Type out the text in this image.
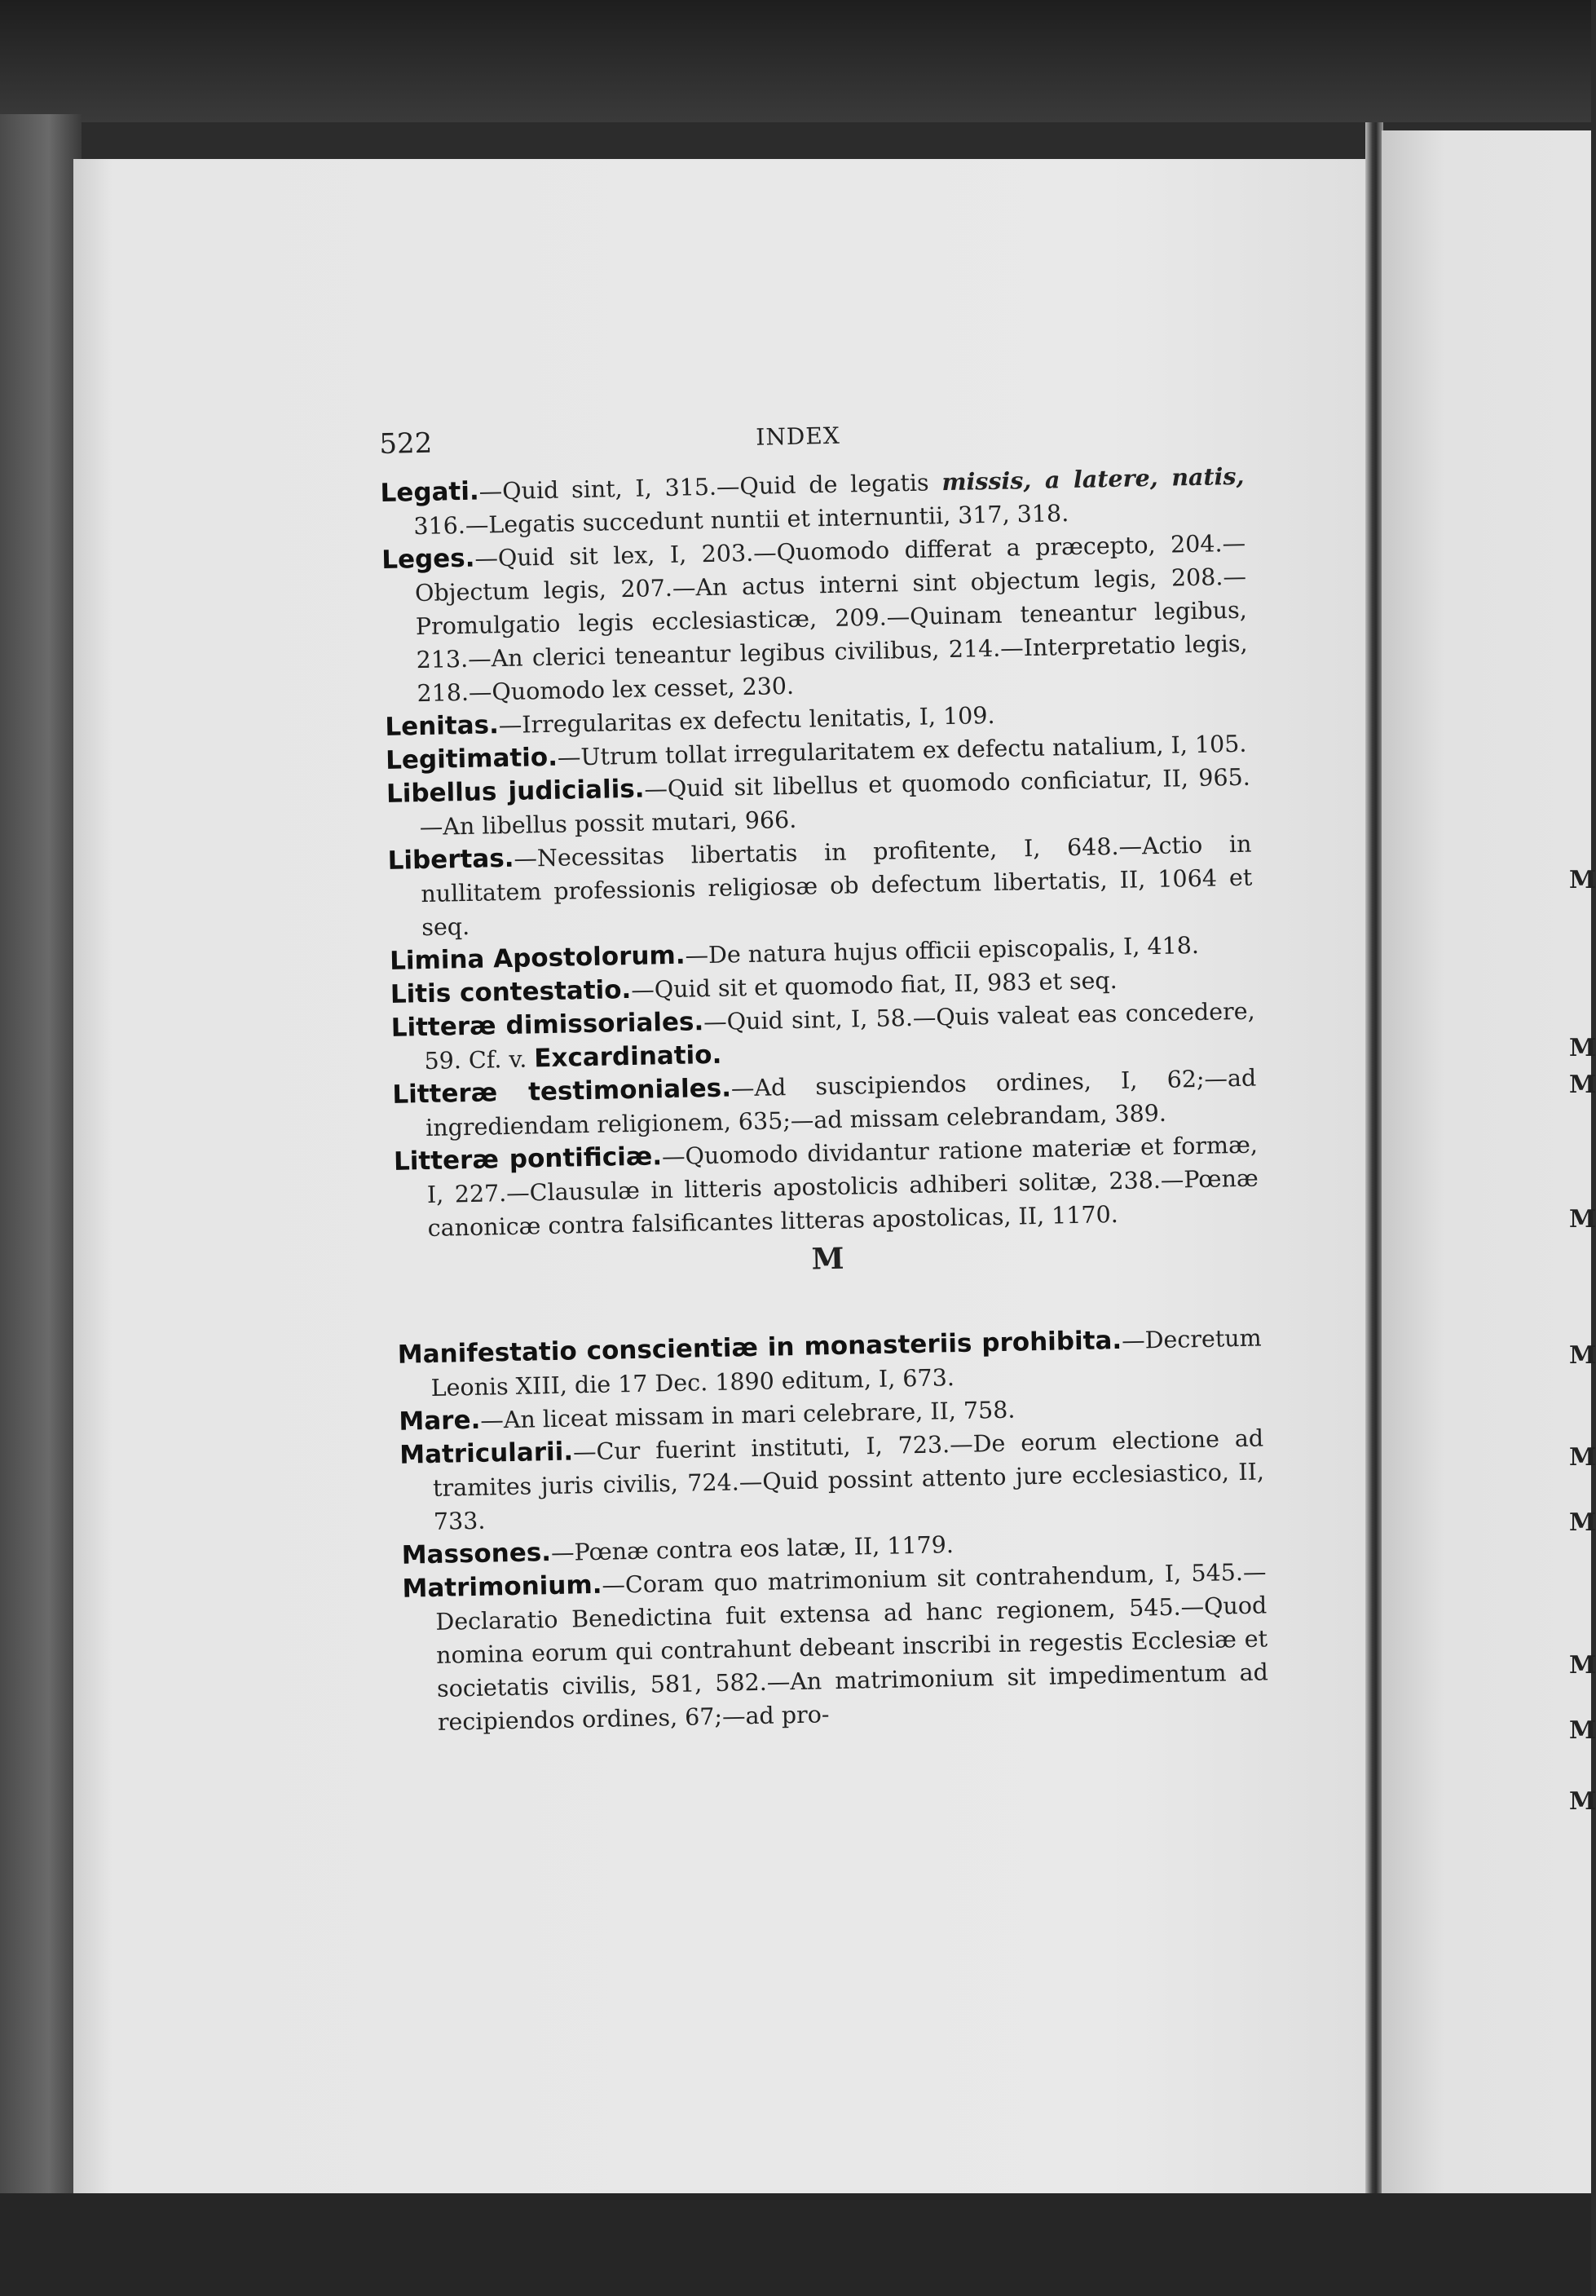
M
M
M
M
M
M
M
M
M
M
522	INDEX

Legati.—Quid sint, I, 315.—Quid de legatis missis, a latere, natis, 316.—Legatis succedunt nuntii et internuntii, 317, 318.

Leges.—Quid sit lex, I, 203.—Quomodo differat a præcepto, 204.—Objectum legis, 207.—An actus interni sint objectum legis, 208.—Promulgatio legis ecclesiasticæ, 209.—Quinam teneantur legibus, 213.—An clerici teneantur legibus civilibus, 214.—Interpretatio legis, 218.—Quomodo lex cesset, 230.

Lenitas.—Irregularitas ex defectu lenitatis, I, 109.

Legitimatio.—Utrum tollat irregularitatem ex defectu natalium, I, 105.

Libellus judicialis.—Quid sit libellus et quomodo conficiatur, II, 965.—An libellus possit mutari, 966.

Libertas.—Necessitas libertatis in profitente, I, 648.—Actio in nullitatem professionis religiosæ ob defectum libertatis, II, 1064 et seq.

Limina Apostolorum.—De natura hujus officii episcopalis, I, 418.

Litis contestatio.—Quid sit et quomodo fiat, II, 983 et seq.

Litteræ dimissoriales.—Quid sint, I, 58.—Quis valeat eas concedere, 59. Cf. v. Excardinatio.

Litteræ testimoniales.—Ad suscipiendos ordines, I, 62;—ad ingrediendam religionem, 635;—ad missam celebrandam, 389.

Litteræ pontificiæ.—Quomodo dividantur ratione materiæ et formæ, I, 227.—Clausulæ in litteris apostolicis adhiberi solitæ, 238.—Pœnæ canonicæ contra falsificantes litteras apostolicas, II, 1170.

M

Manifestatio conscientiæ in monasteriis prohibita.—Decretum Leonis XIII, die 17 Dec. 1890 editum, I, 673.

Mare.—An liceat missam in mari celebrare, II, 758.

Matricularii.—Cur fuerint instituti, I, 723.—De eorum electione ad tramites juris civilis, 724.—Quid possint attento jure ecclesiastico, II, 733.

Massones.—Pœnæ contra eos latæ, II, 1179.

Matrimonium.—Coram quo matrimonium sit contrahendum, I, 545.—Declaratio Benedictina fuit extensa ad hanc regionem, 545.—Quod nomina eorum qui contrahunt debeant inscribi in regestis Ecclesiæ et societatis civilis, 581, 582.—An matrimonium sit impedimentum ad recipiendos ordines, 67;—ad pro-
